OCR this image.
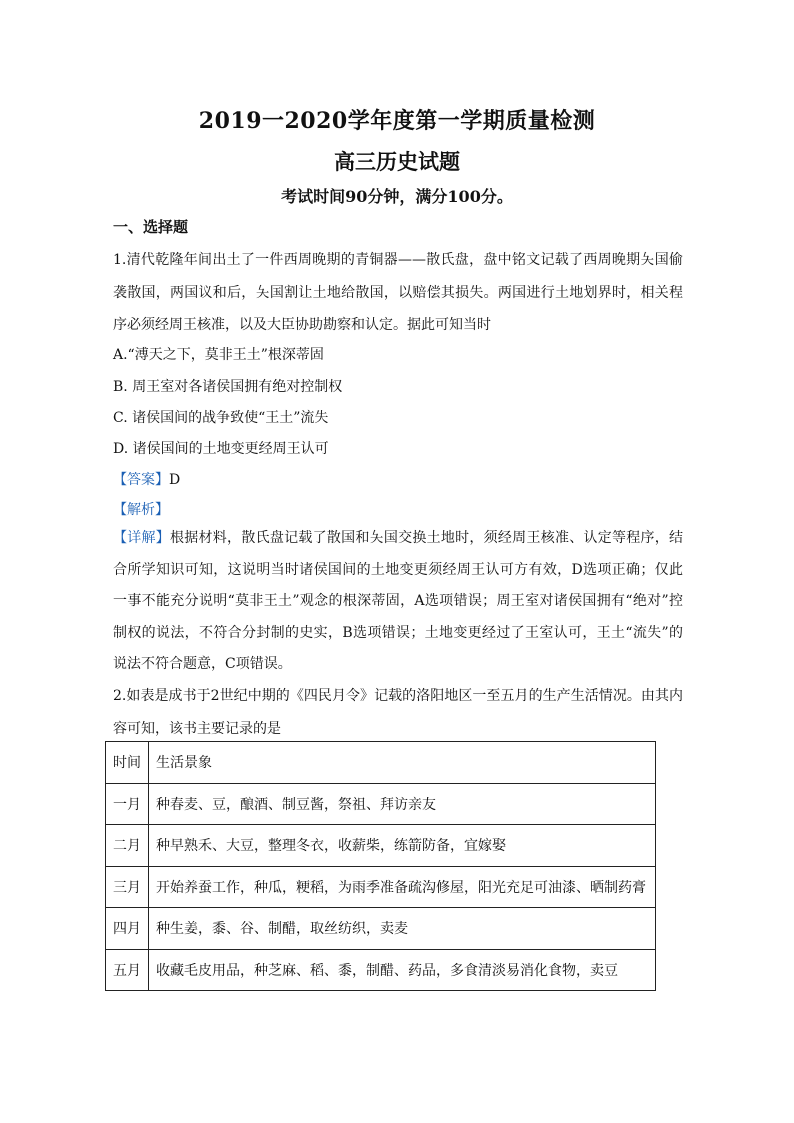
2019一2020学年度第一学期质量检测
高三历史试题
考试时间90分钟，满分100分。
一、选择题
1.清代乾隆年间出土了一件西周晚期的青铜器——散氏盘，盘中铭文记载了西周晚期夨国偷袭散国，两国议和后，夨国割让土地给散国，以赔偿其损失。两国进行土地划界时，相关程序必须经周王核准，以及大臣协助勘察和认定。据此可知当时
A.“溥天之下，莫非王土”根深蒂固
B. 周王室对各诸侯国拥有绝对控制权
C. 诸侯国间的战争致使“王土”流失
D. 诸侯国间的土地变更经周王认可
【答案】D
【解析】
【详解】根据材料，散氏盘记载了散国和夨国交换土地时，须经周王核准、认定等程序，结合所学知识可知，这说明当时诸侯国间的土地变更须经周王认可方有效，D选项正确；仅此一事不能充分说明“莫非王土”观念的根深蒂固，A选项错误；周王室对诸侯国拥有“绝对”控制权的说法，不符合分封制的史实，B选项错误；土地变更经过了王室认可，王土“流失”的说法不符合题意，C项错误。
2.如表是成书于2世纪中期的《四民月令》记载的洛阳地区一至五月的生产生活情况。由其内容可知，该书主要记录的是
时间	生活景象
一月	种春麦、豆，酿酒、制豆酱，祭祖、拜访亲友
二月	种早熟禾、大豆，整理冬衣，收薪柴，练箭防备，宜嫁娶
三月	开始养蚕工作，种瓜，粳稻，为雨季准备疏沟修屋，阳光充足可油漆、晒制药膏
四月	种生姜，黍、谷、制醋，取丝纺织，卖麦
五月	收藏毛皮用品，种芝麻、稻、黍，制醋、药品，多食清淡易消化食物，卖豆
